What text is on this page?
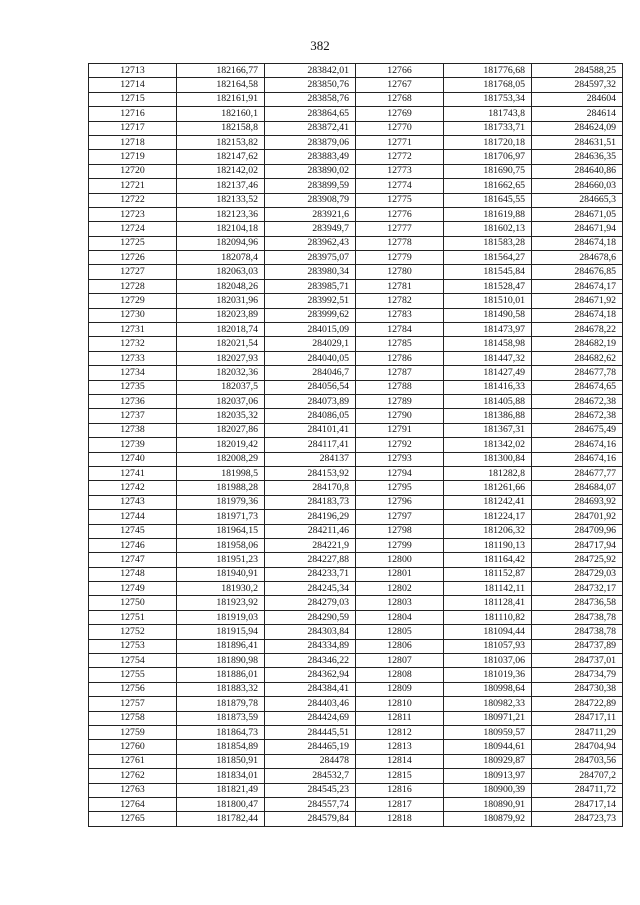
382
12713	182166,77	283842,01	12766	181776,68	284588,25
12714	182164,58	283850,76	12767	181768,05	284597,32
12715	182161,91	283858,76	12768	181753,34	284604
12716	182160,1	283864,65	12769	181743,8	284614
12717	182158,8	283872,41	12770	181733,71	284624,09
12718	182153,82	283879,06	12771	181720,18	284631,51
12719	182147,62	283883,49	12772	181706,97	284636,35
12720	182142,02	283890,02	12773	181690,75	284640,86
12721	182137,46	283899,59	12774	181662,65	284660,03
12722	182133,52	283908,79	12775	181645,55	284665,3
12723	182123,36	283921,6	12776	181619,88	284671,05
12724	182104,18	283949,7	12777	181602,13	284671,94
12725	182094,96	283962,43	12778	181583,28	284674,18
12726	182078,4	283975,07	12779	181564,27	284678,6
12727	182063,03	283980,34	12780	181545,84	284676,85
12728	182048,26	283985,71	12781	181528,47	284674,17
12729	182031,96	283992,51	12782	181510,01	284671,92
12730	182023,89	283999,62	12783	181490,58	284674,18
12731	182018,74	284015,09	12784	181473,97	284678,22
12732	182021,54	284029,1	12785	181458,98	284682,19
12733	182027,93	284040,05	12786	181447,32	284682,62
12734	182032,36	284046,7	12787	181427,49	284677,78
12735	182037,5	284056,54	12788	181416,33	284674,65
12736	182037,06	284073,89	12789	181405,88	284672,38
12737	182035,32	284086,05	12790	181386,88	284672,38
12738	182027,86	284101,41	12791	181367,31	284675,49
12739	182019,42	284117,41	12792	181342,02	284674,16
12740	182008,29	284137	12793	181300,84	284674,16
12741	181998,5	284153,92	12794	181282,8	284677,77
12742	181988,28	284170,8	12795	181261,66	284684,07
12743	181979,36	284183,73	12796	181242,41	284693,92
12744	181971,73	284196,29	12797	181224,17	284701,92
12745	181964,15	284211,46	12798	181206,32	284709,96
12746	181958,06	284221,9	12799	181190,13	284717,94
12747	181951,23	284227,88	12800	181164,42	284725,92
12748	181940,91	284233,71	12801	181152,87	284729,03
12749	181930,2	284245,34	12802	181142,11	284732,17
12750	181923,92	284279,03	12803	181128,41	284736,58
12751	181919,03	284290,59	12804	181110,82	284738,78
12752	181915,94	284303,84	12805	181094,44	284738,78
12753	181896,41	284334,89	12806	181057,93	284737,89
12754	181890,98	284346,22	12807	181037,06	284737,01
12755	181886,01	284362,94	12808	181019,36	284734,79
12756	181883,32	284384,41	12809	180998,64	284730,38
12757	181879,78	284403,46	12810	180982,33	284722,89
12758	181873,59	284424,69	12811	180971,21	284717,11
12759	181864,73	284445,51	12812	180959,57	284711,29
12760	181854,89	284465,19	12813	180944,61	284704,94
12761	181850,91	284478	12814	180929,87	284703,56
12762	181834,01	284532,7	12815	180913,97	284707,2
12763	181821,49	284545,23	12816	180900,39	284711,72
12764	181800,47	284557,74	12817	180890,91	284717,14
12765	181782,44	284579,84	12818	180879,92	284723,73
